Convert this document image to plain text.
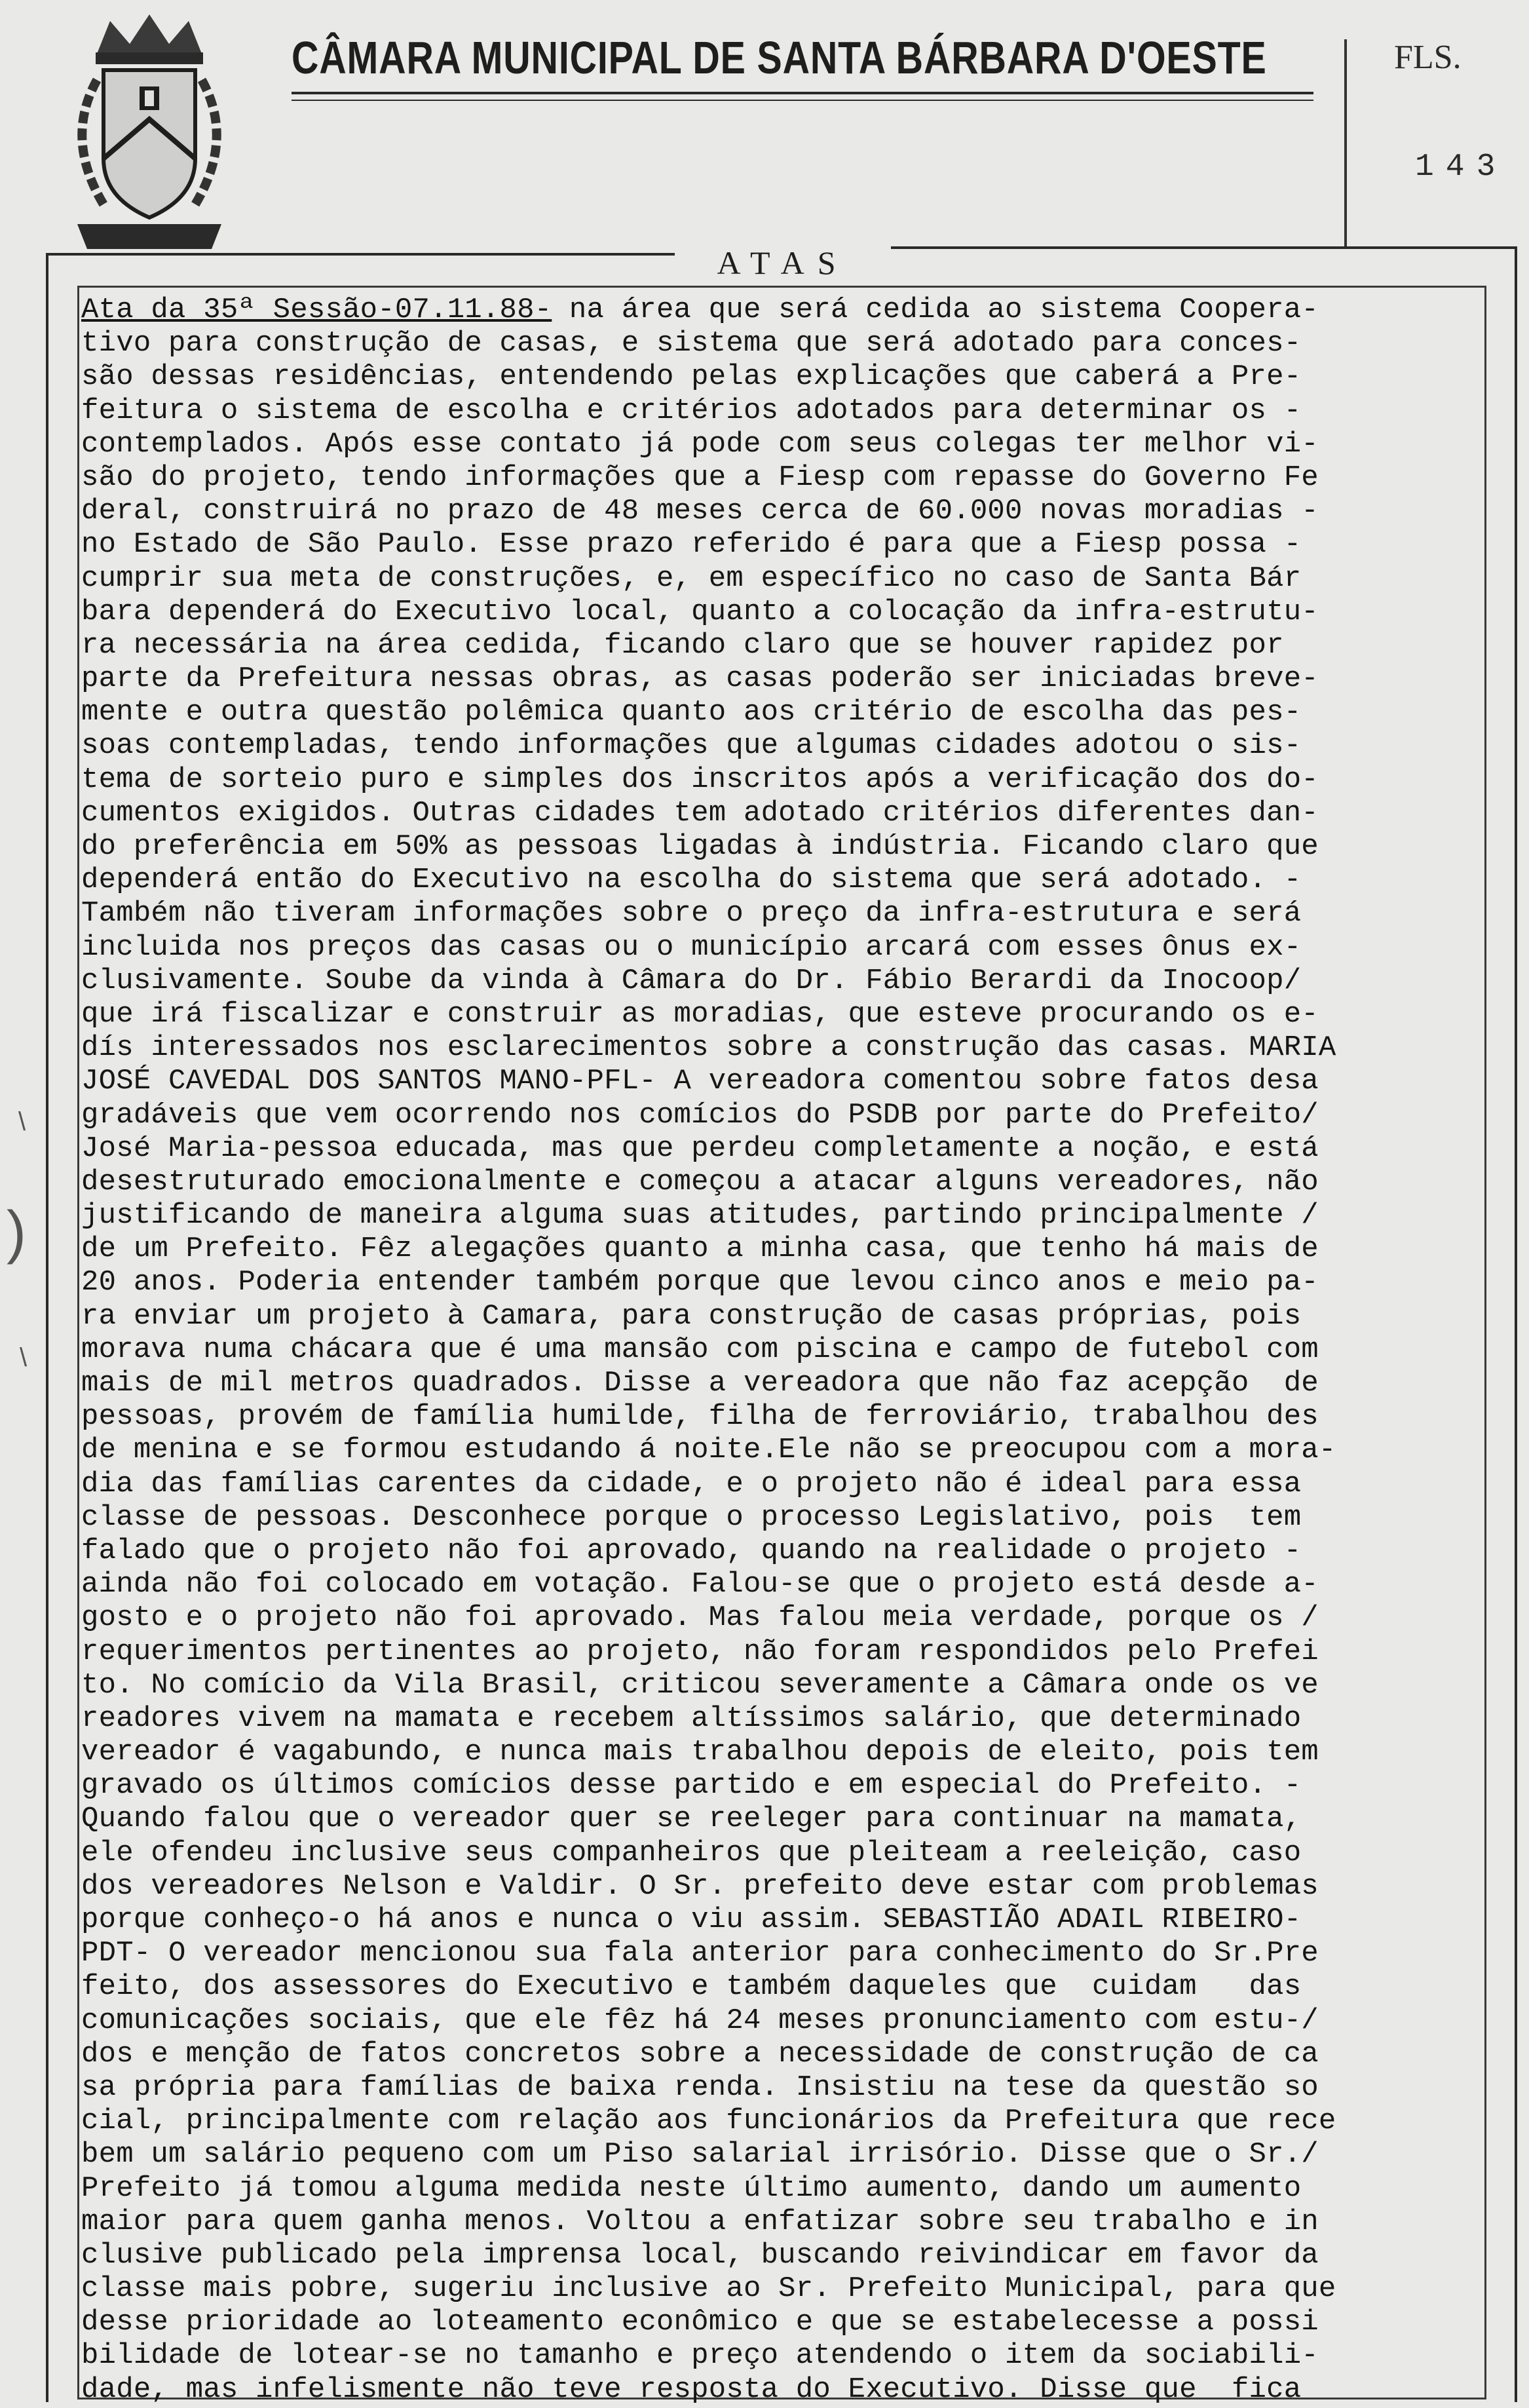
CÂMARA MUNICIPAL DE SANTA BÁRBARA D'OESTE	FLS.
143
ATAS
Ata da 35ª Sessão-07.11.88- na área que será cedida ao sistema Coopera-
tivo para construção de casas, e sistema que será adotado para conces-
são dessas residências, entendendo pelas explicações que caberá a Pre-
feitura o sistema de escolha e critérios adotados para determinar os -
contemplados. Após esse contato já pode com seus colegas ter melhor vi-
são do projeto, tendo informações que a Fiesp com repasse do Governo Fe
deral, construirá no prazo de 48 meses cerca de 60.000 novas moradias -
no Estado de São Paulo. Esse prazo referido é para que a Fiesp possa -
cumprir sua meta de construções, e, em específico no caso de Santa Bár
bara dependerá do Executivo local, quanto a colocação da infra-estrutu-
ra necessária na área cedida, ficando claro que se houver rapidez por
parte da Prefeitura nessas obras, as casas poderão ser iniciadas breve-
mente e outra questão polêmica quanto aos critério de escolha das pes-
soas contempladas, tendo informações que algumas cidades adotou o sis-
tema de sorteio puro e simples dos inscritos após a verificação dos do-
cumentos exigidos. Outras cidades tem adotado critérios diferentes dan-
do preferência em 50% as pessoas ligadas à indústria. Ficando claro que
dependerá então do Executivo na escolha do sistema que será adotado. -
Também não tiveram informações sobre o preço da infra-estrutura e será
incluida nos preços das casas ou o município arcará com esses ônus ex-
clusivamente. Soube da vinda à Câmara do Dr. Fábio Berardi da Inocoop/
que irá fiscalizar e construir as moradias, que esteve procurando os e-
dís interessados nos esclarecimentos sobre a construção das casas. MARIA
JOSÉ CAVEDAL DOS SANTOS MANO-PFL- A vereadora comentou sobre fatos desa
gradáveis que vem ocorrendo nos comícios do PSDB por parte do Prefeito/
José Maria-pessoa educada, mas que perdeu completamente a noção, e está
desestruturado emocionalmente e começou a atacar alguns vereadores, não
justificando de maneira alguma suas atitudes, partindo principalmente /
de um Prefeito. Fêz alegações quanto a minha casa, que tenho há mais de
20 anos. Poderia entender também porque que levou cinco anos e meio pa-
ra enviar um projeto à Camara, para construção de casas próprias, pois
morava numa chácara que é uma mansão com piscina e campo de futebol com
mais de mil metros quadrados. Disse a vereadora que não faz acepção  de
pessoas, provém de família humilde, filha de ferroviário, trabalhou des
de menina e se formou estudando á noite.Ele não se preocupou com a mora-
dia das famílias carentes da cidade, e o projeto não é ideal para essa
classe de pessoas. Desconhece porque o processo Legislativo, pois  tem
falado que o projeto não foi aprovado, quando na realidade o projeto -
ainda não foi colocado em votação. Falou-se que o projeto está desde a-
gosto e o projeto não foi aprovado. Mas falou meia verdade, porque os /
requerimentos pertinentes ao projeto, não foram respondidos pelo Prefei
to. No comício da Vila Brasil, criticou severamente a Câmara onde os ve
readores vivem na mamata e recebem altíssimos salário, que determinado
vereador é vagabundo, e nunca mais trabalhou depois de eleito, pois tem
gravado os últimos comícios desse partido e em especial do Prefeito. -
Quando falou que o vereador quer se reeleger para continuar na mamata,
ele ofendeu inclusive seus companheiros que pleiteam a reeleição, caso
dos vereadores Nelson e Valdir. O Sr. prefeito deve estar com problemas
porque conheço-o há anos e nunca o viu assim. SEBASTIÃO ADAIL RIBEIRO-
PDT- O vereador mencionou sua fala anterior para conhecimento do Sr.Pre
feito, dos assessores do Executivo e também daqueles que  cuidam   das
comunicações sociais, que ele fêz há 24 meses pronunciamento com estu-/
dos e menção de fatos concretos sobre a necessidade de construção de ca
sa própria para famílias de baixa renda. Insistiu na tese da questão so
cial, principalmente com relação aos funcionários da Prefeitura que rece
bem um salário pequeno com um Piso salarial irrisório. Disse que o Sr./
Prefeito já tomou alguma medida neste último aumento, dando um aumento
maior para quem ganha menos. Voltou a enfatizar sobre seu trabalho e in
clusive publicado pela imprensa local, buscando reivindicar em favor da
classe mais pobre, sugeriu inclusive ao Sr. Prefeito Municipal, para que
desse prioridade ao loteamento econômico e que se estabelecesse a possi
bilidade de lotear-se no tamanho e preço atendendo o item da sociabili-
dade, mas infelismente não teve resposta do Executivo. Disse que  fica
\
)
\
